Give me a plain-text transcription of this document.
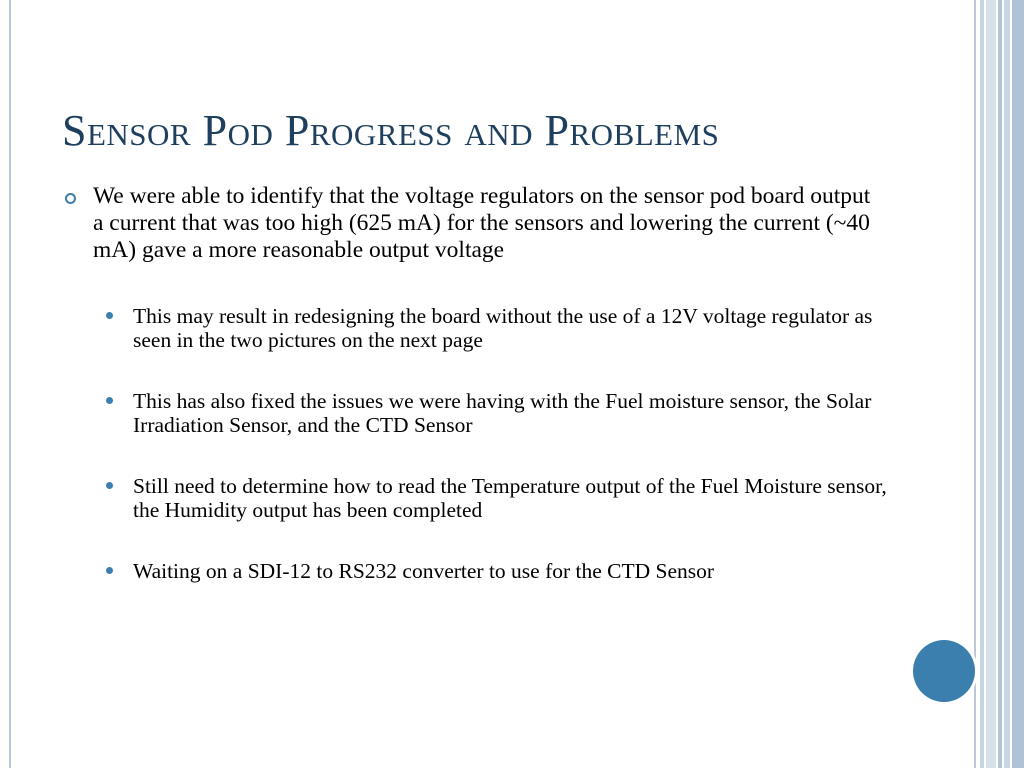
Sensor Pod Progress and Problems
We were able to identify that the voltage regulators on the sensor pod board output a current that was too high (625 mA) for the sensors and lowering the current (~40 mA) gave a more reasonable output voltage
This may result in redesigning the board without the use of a 12V voltage regulator as seen in the two pictures on the next page
This has also fixed the issues we were having with the Fuel moisture sensor, the Solar Irradiation Sensor, and the CTD Sensor
Still need to determine how to read the Temperature output of the Fuel Moisture sensor, the Humidity output has been completed
Waiting on a SDI-12 to RS232 converter to use for the CTD Sensor
